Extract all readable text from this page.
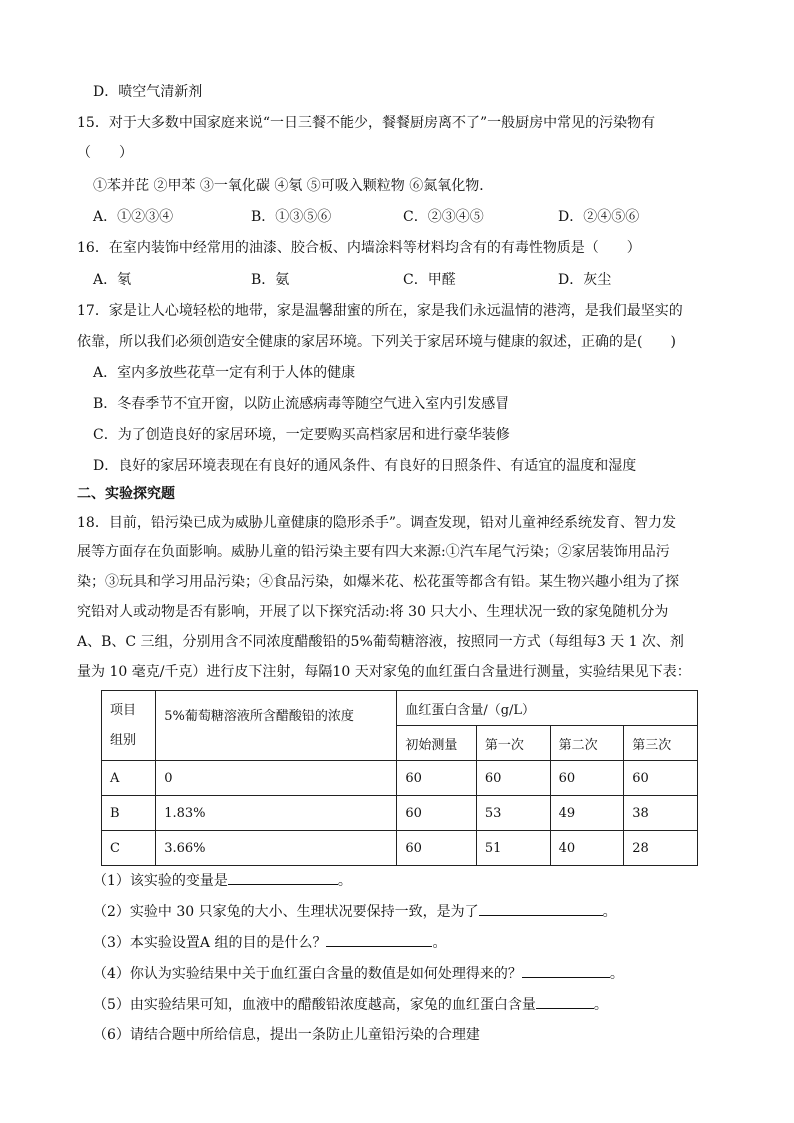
D．喷空气清新剂
15．对于大多数中国家庭来说“一日三餐不能少，餐餐厨房离不了”一般厨房中常见的污染物有
（　　）
①苯并芘 ②甲苯 ③一氧化碳 ④氡 ⑤可吸入颗粒物 ⑥氮氧化物．
A．①②③④	B．①③⑤⑥	C．②③④⑤	D．②④⑤⑥
16．在室内装饰中经常用的油漆、胶合板、内墙涂料等材料均含有的有毒性物质是（　　）
A．氡	B．氨	C．甲醛	D．灰尘
17．家是让人心境轻松的地带，家是温馨甜蜜的所在，家是我们永远温情的港湾，是我们最坚实的
依靠，所以我们必须创造安全健康的家居环境。下列关于家居环境与健康的叙述，正确的是(　　)
A．室内多放些花草一定有利于人体的健康
B．冬春季节不宜开窗，以防止流感病毒等随空气进入室内引发感冒
C．为了创造良好的家居环境，一定要购买高档家居和进行豪华装修
D．良好的家居环境表现在有良好的通风条件、有良好的日照条件、有适宜的温度和湿度
二、实验探究题
18．目前，铅污染已成为威胁儿童健康的隐形杀手”。调查发现，铅对儿童神经系统发育、智力发
展等方面存在负面影响。威胁儿童的铅污染主要有四大来源:①汽车尾气污染；②家居装饰用品污
染；③玩具和学习用品污染；④食品污染，如爆米花、松花蛋等都含有铅。某生物兴趣小组为了探
究铅对人或动物是否有影响，开展了以下探究活动:将 30 只大小、生理状况一致的家兔随机分为
A、B、C 三组，分别用含不同浓度醋酸铅的5%葡萄糖溶液，按照同一方式（每组每3 天 1 次、剂
量为 10 毫克/千克）进行皮下注射，每隔10 天对家兔的血红蛋白含量进行测量，实验结果见下表：
项目
组别	5%葡萄糖溶液所含醋酸铅的浓度	血红蛋白含量/（g/L）			
		初始测量	第一次	第二次	第三次
A	0	60	60	60	60
B	1.83%	60	53	49	38
C	3.66%	60	51	40	28
（1）该实验的变量是	。
（2）实验中 30 只家兔的大小、生理状况要保持一致，是为了	。
（3）本实验设置A 组的目的是什么？	。
（4）你认为实验结果中关于血红蛋白含量的数值是如何处理得来的？	。
（5）由实验结果可知，血液中的醋酸铅浓度越高，家兔的血红蛋白含量	。
（6）请结合题中所给信息，提出一条防止儿童铅污染的合理建
